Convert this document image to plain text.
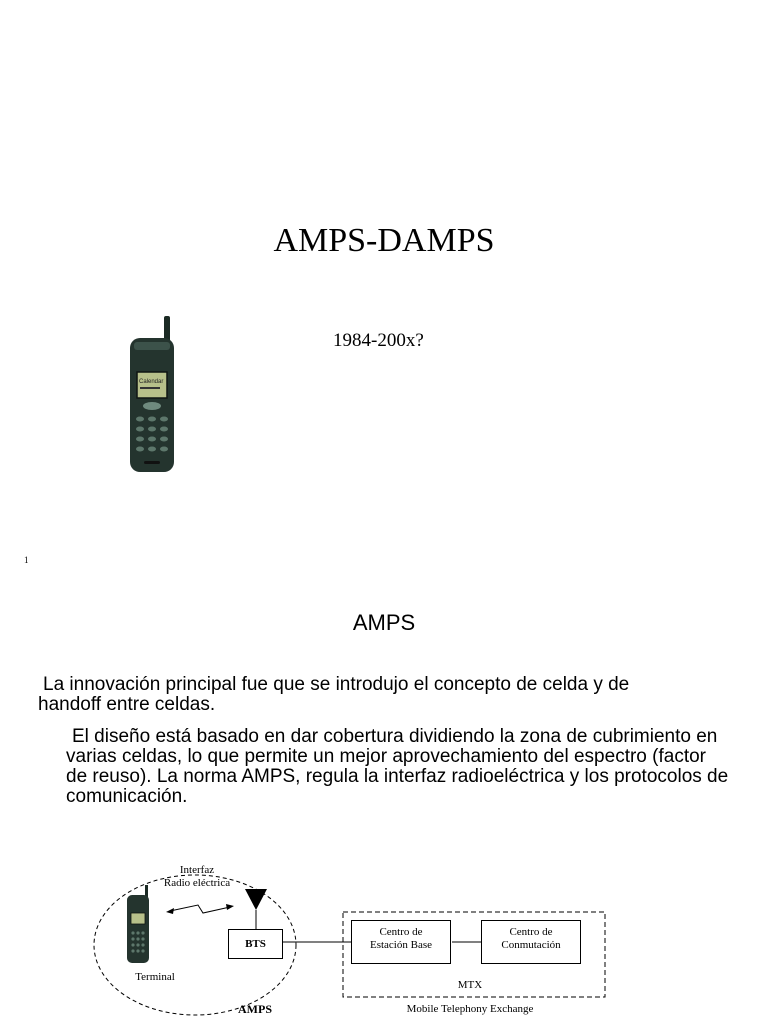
AMPS-DAMPS
Calendar
1984-200x?
1
AMPS
La innovación principal fue que se introdujo el concepto de celda y de
handoff entre celdas.
El diseño está basado en dar cobertura dividiendo la zona de cubrimiento en varias celdas, lo que permite un mejor aprovechamiento del espectro (factor de reuso). La norma AMPS, regula la interfaz radioeléctrica y los protocolos de comunicación.
Interfaz
Radio eléctrica
BTS
Terminal
AMPS
Centro de
Estación Base
Centro de
Conmutación
MTX
Mobile Telephony Exchange
